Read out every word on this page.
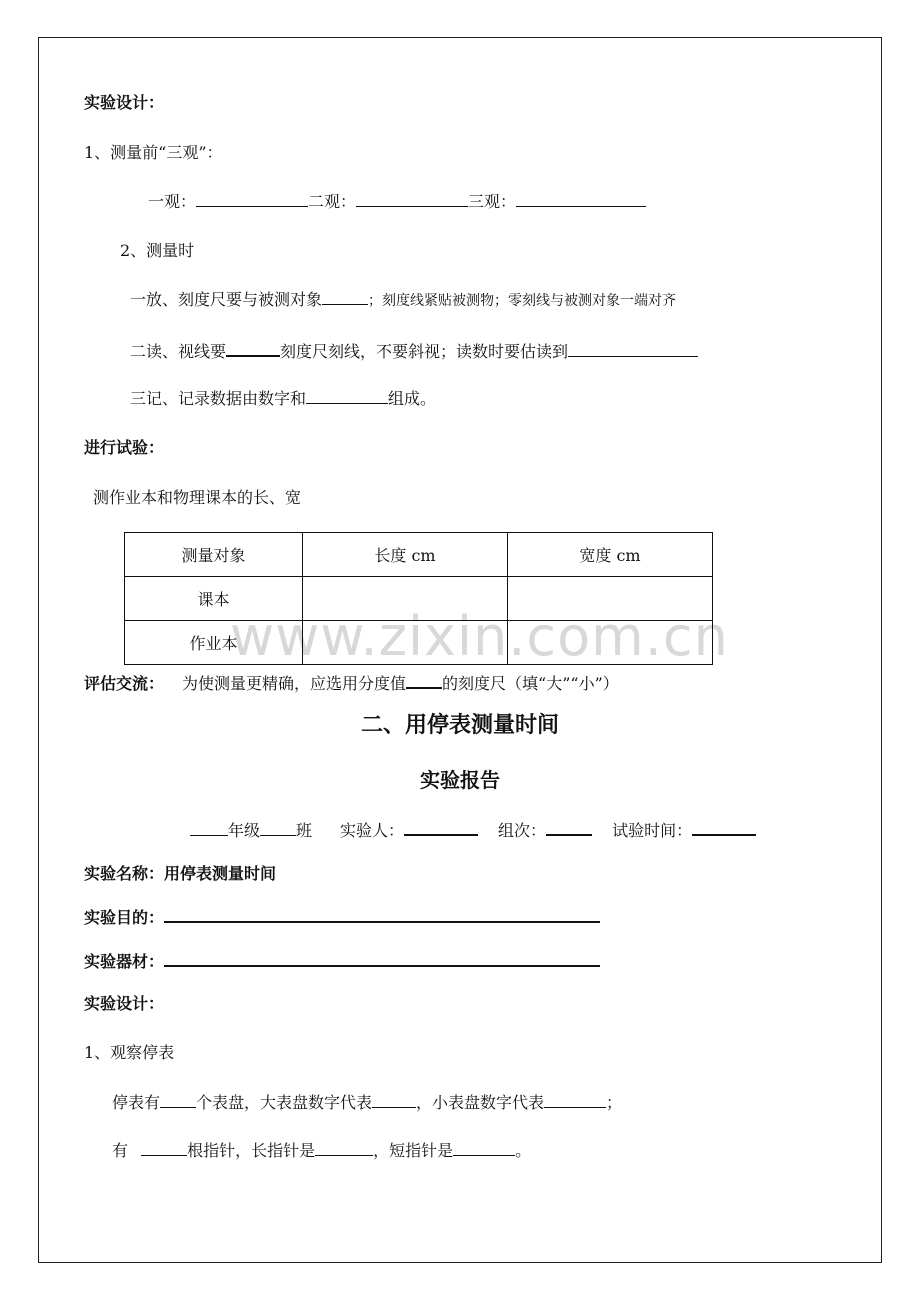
实验设计：
1、测量前“三观”：
一观：	二观：	三观：
2、测量时
一放、刻度尺要与被测对象	；刻度线紧贴被测物；零刻线与被测对象一端对齐
二读、视线要	刻度尺刻线，不要斜视；读数时要估读到
三记、记录数据由数字和	组成。
进行试验：
测作业本和物理课本的长、宽
www.zixin.com.cn
测量对象	长度 cm	宽度 cm
课本		
作业本		
评估交流： 为使测量更精确，应选用分度值 的刻度尺（填“大”“小”）
二、用停表测量时间
实验报告
年级 班 实验人：	组次：	试验时间：
实验名称：用停表测量时间
实验目的：
实验器材：
实验设计：
1、观察停表
停表有 个表盘，大表盘数字代表	，小表盘数字代表	；
有	根指针，长指针是	，短指针是	。
